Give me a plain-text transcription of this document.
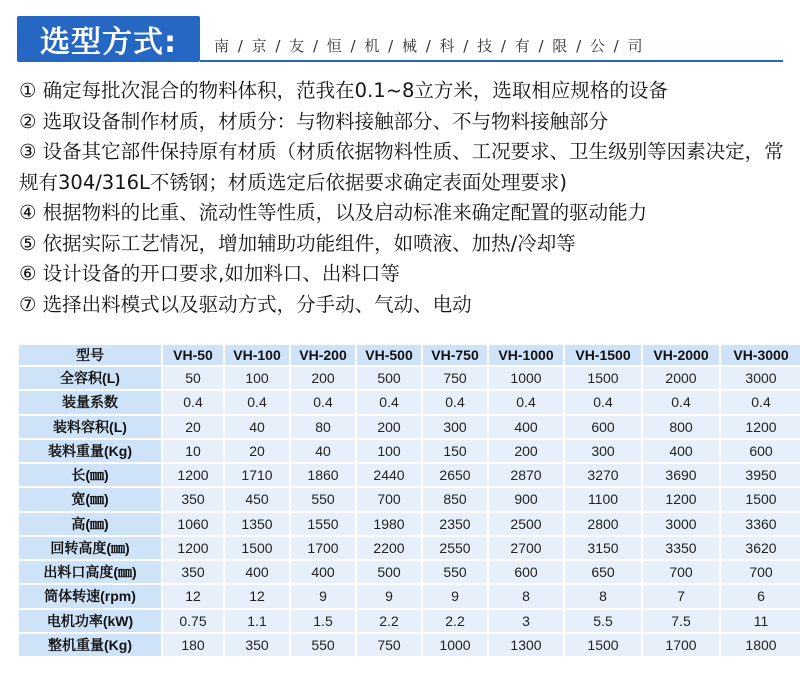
选型方式: 南 / 京 / 友 / 恒 / 机 / 械 / 科 / 技 / 有 / 限 / 公 / 司
① 确定每批次混合的物料体积，范我在0.1~8立方米，选取相应规格的设备
② 选取设备制作材质，材质分：与物料接触部分、不与物料接触部分
③ 设备其它部件保持原有材质（材质依据物料性质、工况要求、卫生级别等因素决定，常规有304/316L不锈钢；材质选定后依据要求确定表面处理要求)
④ 根据物料的比重、流动性等性质，以及启动标准来确定配置的驱动能力
⑤ 依据实际工艺情况，增加辅助功能组件，如喷液、加热/冷却等
⑥ 设计设备的开口要求,如加料口、出料口等
⑦ 选择出料模式以及驱动方式，分手动、气动、电动
型号	VH-50	VH-100	VH-200	VH-500	VH-750	VH-1000	VH-1500	VH-2000	VH-3000
全容积(L)	50	100	200	500	750	1000	1500	2000	3000
装量系数	0.4	0.4	0.4	0.4	0.4	0.4	0.4	0.4	0.4
装料容积(L)	20	40	80	200	300	400	600	800	1200
装料重量(Kg)	10	20	40	100	150	200	300	400	600
长(㎜)	1200	1710	1860	2440	2650	2870	3270	3690	3950
宽(㎜)	350	450	550	700	850	900	1100	1200	1500
高(㎜)	1060	1350	1550	1980	2350	2500	2800	3000	3360
回转高度(㎜)	1200	1500	1700	2200	2550	2700	3150	3350	3620
出料口高度(㎜)	350	400	400	500	550	600	650	700	700
筒体转速(rpm)	12	12	9	9	9	8	8	7	6
电机功率(kW)	0.75	1.1	1.5	2.2	2.2	3	5.5	7.5	11
整机重量(Kg)	180	350	550	750	1000	1300	1500	1700	1800
